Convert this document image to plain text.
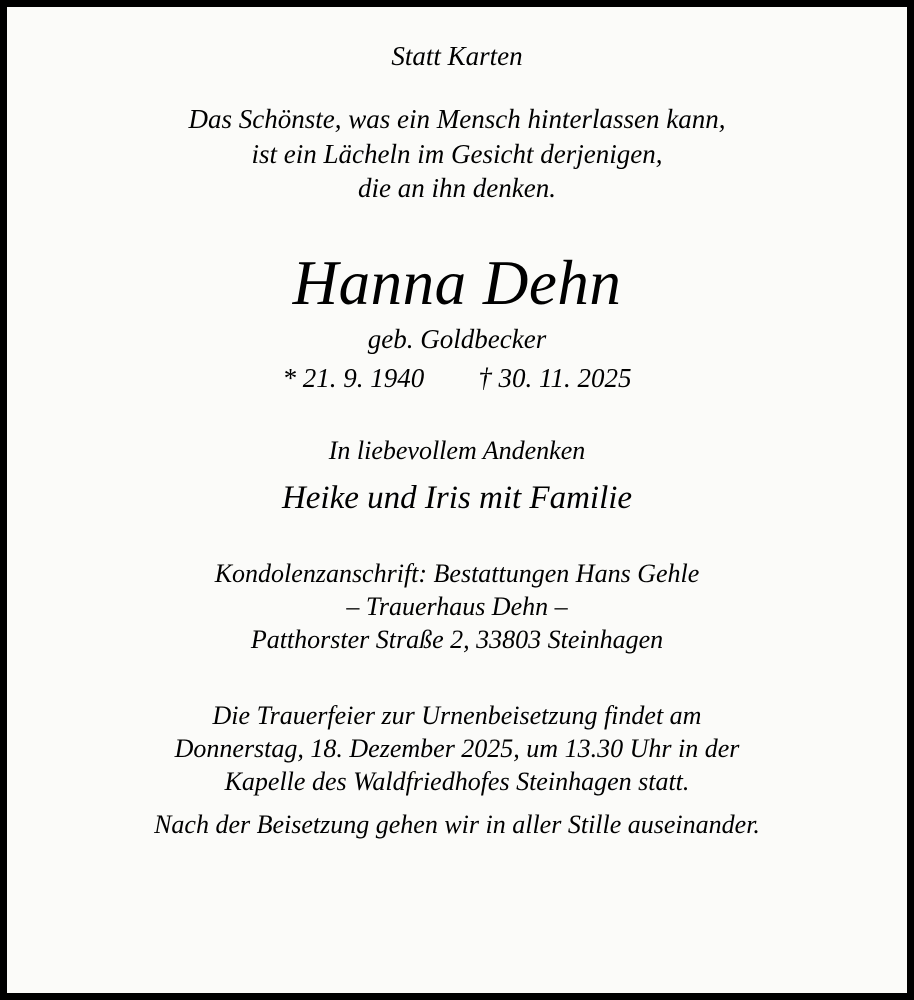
Statt Karten
Das Schönste, was ein Mensch hinterlassen kann,
ist ein Lächeln im Gesicht derjenigen,
die an ihn denken.
Hanna Dehn
geb. Goldbecker
* 21. 9. 1940        † 30. 11. 2025
In liebevollem Andenken
Heike und Iris mit Familie
Kondolenzanschrift: Bestattungen Hans Gehle
– Trauerhaus Dehn –
Patthorster Straße 2, 33803 Steinhagen
Die Trauerfeier zur Urnenbeisetzung findet am
Donnerstag, 18. Dezember 2025, um 13.30 Uhr in der
Kapelle des Waldfriedhofes Steinhagen statt.
Nach der Beisetzung gehen wir in aller Stille auseinander.
